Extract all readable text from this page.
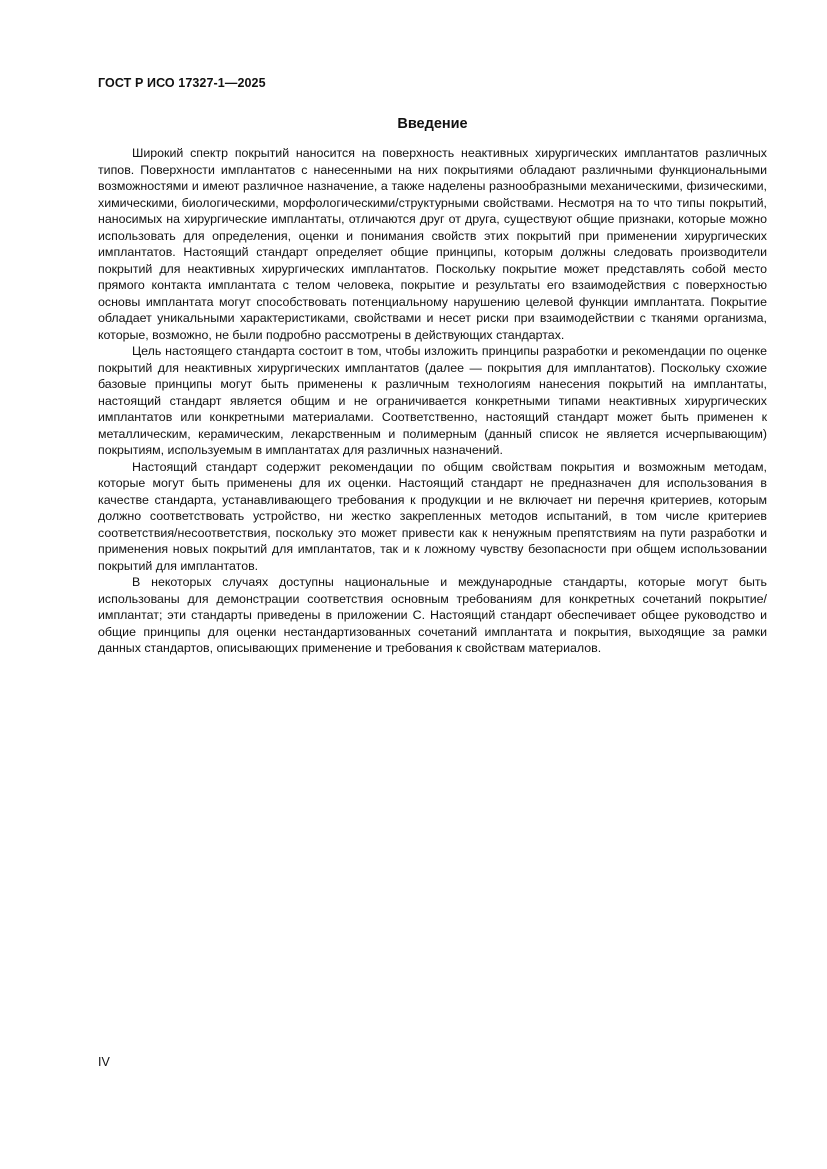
ГОСТ Р ИСО 17327-1—2025
Введение

Широкий спектр покрытий наносится на поверхность неактивных хирургических имплантатов различных типов. Поверхности имплантатов с нанесенными на них покрытиями обладают различными функциональными возможностями и имеют различное назначение, а также наделены разнообразными механическими, физическими, химическими, биологическими, морфологическими/структурными свойствами. Несмотря на то что типы покрытий, наносимых на хирургические имплантаты, отличаются друг от друга, существуют общие признаки, которые можно использовать для определения, оценки и понимания свойств этих покрытий при применении хирургических имплантатов. Настоящий стандарт определяет общие принципы, которым должны следовать производители покрытий для неактивных хирургических имплантатов. Поскольку покрытие может представлять собой место прямого контакта имплантата с телом человека, покрытие и результаты его взаимодействия с поверхностью основы имплантата могут способствовать потенциальному нарушению целевой функции имплантата. Покрытие обладает уникальными характеристиками, свойствами и несет риски при взаимодействии с тканями организма, которые, возможно, не были подробно рассмотрены в действующих стандартах.

Цель настоящего стандарта состоит в том, чтобы изложить принципы разработки и рекомендации по оценке покрытий для неактивных хирургических имплантатов (далее — покрытия для имплантатов). Поскольку схожие базовые принципы могут быть применены к различным технологиям нанесения покрытий на имплантаты, настоящий стандарт является общим и не ограничивается конкретными типами неактивных хирургических имплантатов или конкретными материалами. Соответственно, настоящий стандарт может быть применен к металлическим, керамическим, лекарственным и полимерным (данный список не является исчерпывающим) покрытиям, используемым в имплантатах для различных назначений.

Настоящий стандарт содержит рекомендации по общим свойствам покрытия и возможным методам, которые могут быть применены для их оценки. Настоящий стандарт не предназначен для использования в качестве стандарта, устанавливающего требования к продукции и не включает ни перечня критериев, которым должно соответствовать устройство, ни жестко закрепленных методов испытаний, в том числе критериев соответствия/несоответствия, поскольку это может привести как к ненужным препятствиям на пути разработки и применения новых покрытий для имплантатов, так и к ложному чувству безопасности при общем использовании покрытий для имплантатов.

В некоторых случаях доступны национальные и международные стандарты, которые могут быть использованы для демонстрации соответствия основным требованиям для конкретных сочетаний покрытие/имплантат; эти стандарты приведены в приложении С. Настоящий стандарт обеспечивает общее руководство и общие принципы для оценки нестандартизованных сочетаний имплантата и покрытия, выходящие за рамки данных стандартов, описывающих применение и требования к свойствам материалов.

IV
